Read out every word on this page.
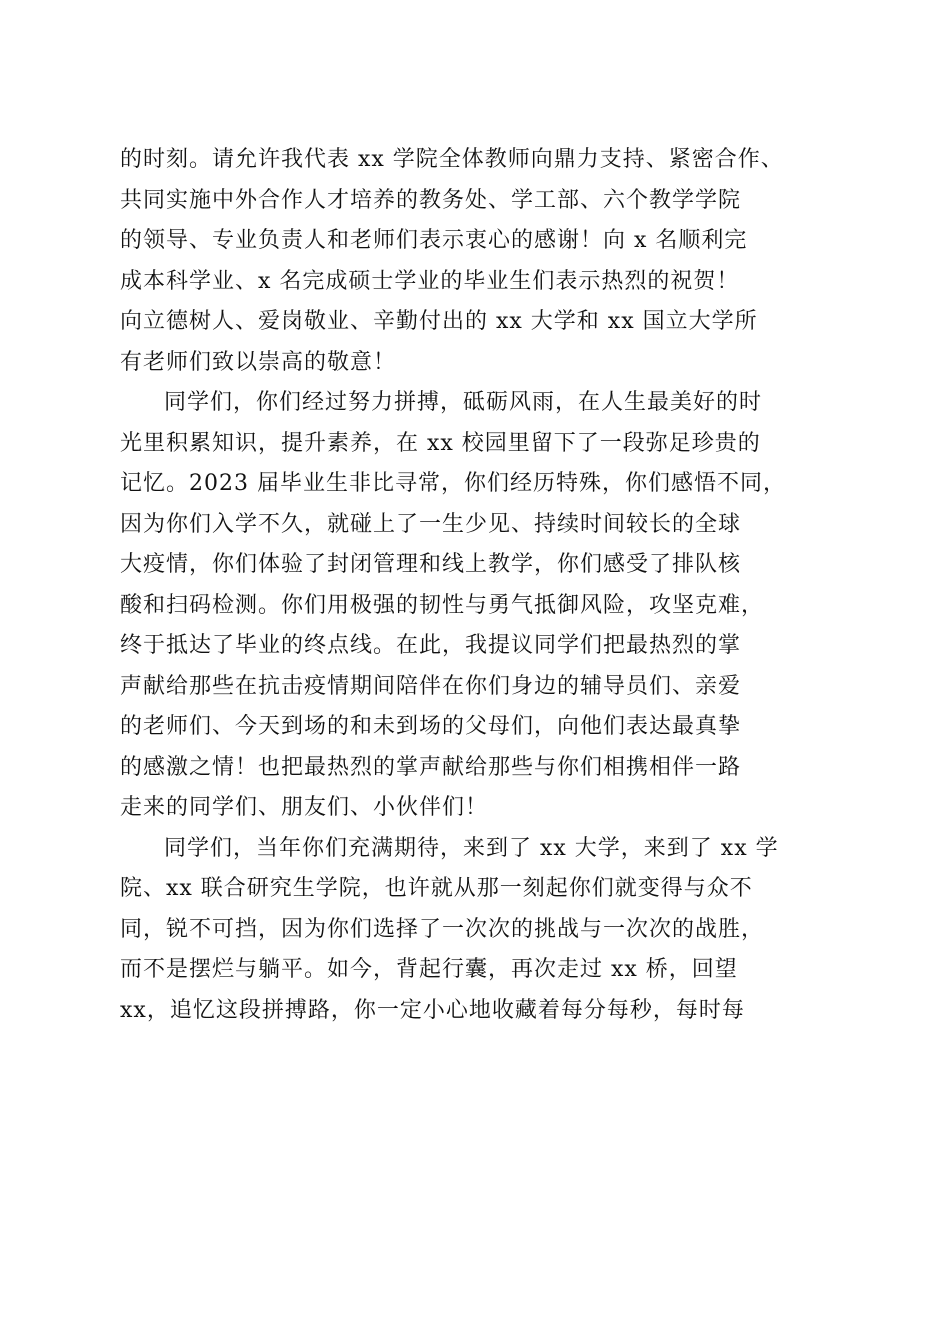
的时刻。请允许我代表 xx 学院全体教师向鼎力支持、紧密合作、
共同实施中外合作人才培养的教务处、学工部、六个教学学院
的领导、专业负责人和老师们表示衷心的感谢！向 x 名顺利完
成本科学业、x 名完成硕士学业的毕业生们表示热烈的祝贺！
向立德树人、爱岗敬业、辛勤付出的 xx 大学和 xx 国立大学所
有老师们致以崇高的敬意！
同学们，你们经过努力拼搏，砥砺风雨，在人生最美好的时
光里积累知识，提升素养，在 xx 校园里留下了一段弥足珍贵的
记忆。2023 届毕业生非比寻常，你们经历特殊，你们感悟不同，
因为你们入学不久，就碰上了一生少见、持续时间较长的全球
大疫情，你们体验了封闭管理和线上教学，你们感受了排队核
酸和扫码检测。你们用极强的韧性与勇气抵御风险，攻坚克难，
终于抵达了毕业的终点线。在此，我提议同学们把最热烈的掌
声献给那些在抗击疫情期间陪伴在你们身边的辅导员们、亲爱
的老师们、今天到场的和未到场的父母们，向他们表达最真挚
的感激之情！也把最热烈的掌声献给那些与你们相携相伴一路
走来的同学们、朋友们、小伙伴们！
同学们，当年你们充满期待，来到了 xx 大学，来到了 xx 学
院、xx 联合研究生学院，也许就从那一刻起你们就变得与众不
同，锐不可挡，因为你们选择了一次次的挑战与一次次的战胜，
而不是摆烂与躺平。如今，背起行囊，再次走过 xx 桥，回望
xx，追忆这段拼搏路，你一定小心地收藏着每分每秒，每时每
